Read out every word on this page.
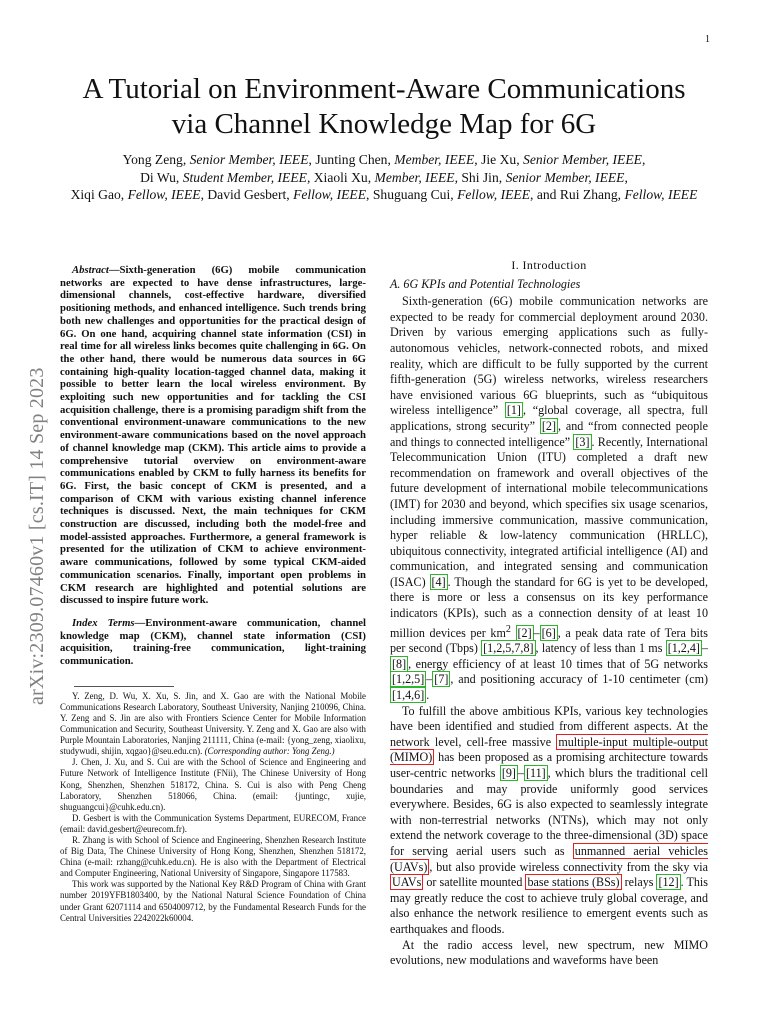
1
arXiv:2309.07460v1 [cs.IT] 14 Sep 2023
A Tutorial on Environment-Aware Communications
via Channel Knowledge Map for 6G
Yong Zeng, Senior Member, IEEE, Junting Chen, Member, IEEE, Jie Xu, Senior Member, IEEE,
Di Wu, Student Member, IEEE, Xiaoli Xu, Member, IEEE, Shi Jin, Senior Member, IEEE,
Xiqi Gao, Fellow, IEEE, David Gesbert, Fellow, IEEE, Shuguang Cui, Fellow, IEEE, and Rui Zhang, Fellow, IEEE

Abstract—Sixth-generation (6G) mobile communication networks are expected to have dense infrastructures, large-dimensional channels, cost-effective hardware, diversified positioning methods, and enhanced intelligence. Such trends bring both new challenges and opportunities for the practical design of 6G. On one hand, acquiring channel state information (CSI) in real time for all wireless links becomes quite challenging in 6G. On the other hand, there would be numerous data sources in 6G containing high-quality location-tagged channel data, making it possible to better learn the local wireless environment. By exploiting such new opportunities and for tackling the CSI acquisition challenge, there is a promising paradigm shift from the conventional environment-unaware communications to the new environment-aware communications based on the novel approach of channel knowledge map (CKM). This article aims to provide a comprehensive tutorial overview on environment-aware communications enabled by CKM to fully harness its benefits for 6G. First, the basic concept of CKM is presented, and a comparison of CKM with various existing channel inference techniques is discussed. Next, the main techniques for CKM construction are discussed, including both the model-free and model-assisted approaches. Furthermore, a general framework is presented for the utilization of CKM to achieve environment-aware communications, followed by some typical CKM-aided communication scenarios. Finally, important open problems in CKM research are highlighted and potential solutions are discussed to inspire future work.

Index Terms—Environment-aware communication, channel knowledge map (CKM), channel state information (CSI) acquisition, training-free communication, light-training communication.

Y. Zeng, D. Wu, X. Xu, S. Jin, and X. Gao are with the National Mobile Communications Research Laboratory, Southeast University, Nanjing 210096, China. Y. Zeng and S. Jin are also with Frontiers Science Center for Mobile Information Communication and Security, Southeast University. Y. Zeng and X. Gao are also with Purple Mountain Laboratories, Nanjing 211111, China (e-mail: {yong_zeng, xiaolixu, studywudi, shijin, xqgao}@seu.edu.cn). (Corresponding author: Yong Zeng.)

J. Chen, J. Xu, and S. Cui are with the School of Science and Engineering and Future Network of Intelligence Institute (FNii), The Chinese University of Hong Kong, Shenzhen, Shenzhen 518172, China. S. Cui is also with Peng Cheng Laboratory, Shenzhen 518066, China. (email: {juntingc, xujie, shuguangcui}@cuhk.edu.cn).

D. Gesbert is with the Communication Systems Department, EURECOM, France (email: david.gesbert@eurecom.fr).

R. Zhang is with School of Science and Engineering, Shenzhen Research Institute of Big Data, The Chinese University of Hong Kong, Shenzhen, Shenzhen 518172, China (e-mail: rzhang@cuhk.edu.cn). He is also with the Department of Electrical and Computer Engineering, National University of Singapore, Singapore 117583.

This work was supported by the National Key R&D Program of China with Grant number 2019YFB1803400, by the National Natural Science Foundation of China under Grant 62071114 and 6504009712, by the Fundamental Research Funds for the Central Universities 2242022k60004.

I. Introduction
A. 6G KPIs and Potential Technologies

Sixth-generation (6G) mobile communication networks are expected to be ready for commercial deployment around 2030. Driven by various emerging applications such as fully-autonomous vehicles, network-connected robots, and mixed reality, which are difficult to be fully supported by the current fifth-generation (5G) wireless networks, wireless researchers have envisioned various 6G blueprints, such as “ubiquitous wireless intelligence” [1] , “global coverage, all spectra, full applications, strong security” [2] , and “from connected people and things to connected intelligence” [3] . Recently, International Telecommunication Union (ITU) completed a draft new recommendation on framework and overall objectives of the future development of international mobile telecommunications (IMT) for 2030 and beyond, which specifies six usage scenarios, including immersive communication, massive communication, hyper reliable & low-latency communication (HRLLC), ubiquitous connectivity, integrated artificial intelligence (AI) and communication, and integrated sensing and communication (ISAC) [4] . Though the standard for 6G is yet to be developed, there is more or less a consensus on its key performance indicators (KPIs), such as a connection density of at least 10 million devices per $km^2$ [2] – [6] , a peak data rate of Tera bits per second (Tbps) [1,2,5,7,8] , latency of less than 1 ms [1,2,4] –[8] , energy efficiency of at least 10 times that of 5G networks [1,2,5] – [7] , and positioning accuracy of 1-10 centimeter (cm) [1,4,6] .

To fulfill the above ambitious KPIs, various key technologies have been identified and studied from different aspects. At the network level, cell-free massive multiple-input multiple-output (MIMO) has been proposed as a promising architecture towards user-centric networks [9] – [11] , which blurs the traditional cell boundaries and may provide uniformly good services everywhere. Besides, 6G is also expected to seamlessly integrate with non-terrestrial networks (NTNs), which may not only extend the network coverage to the three-dimensional (3D) space for serving aerial users such as unmanned aerial vehicles (UAVs) , but also provide wireless connectivity from the sky via UAVs or satellite mounted base stations (BSs) relays [12] . This may greatly reduce the cost to achieve truly global coverage, and also enhance the network resilience to emergent events such as earthquakes and floods.

At the radio access level, new spectrum, new MIMO evolutions, new modulations and waveforms have been
